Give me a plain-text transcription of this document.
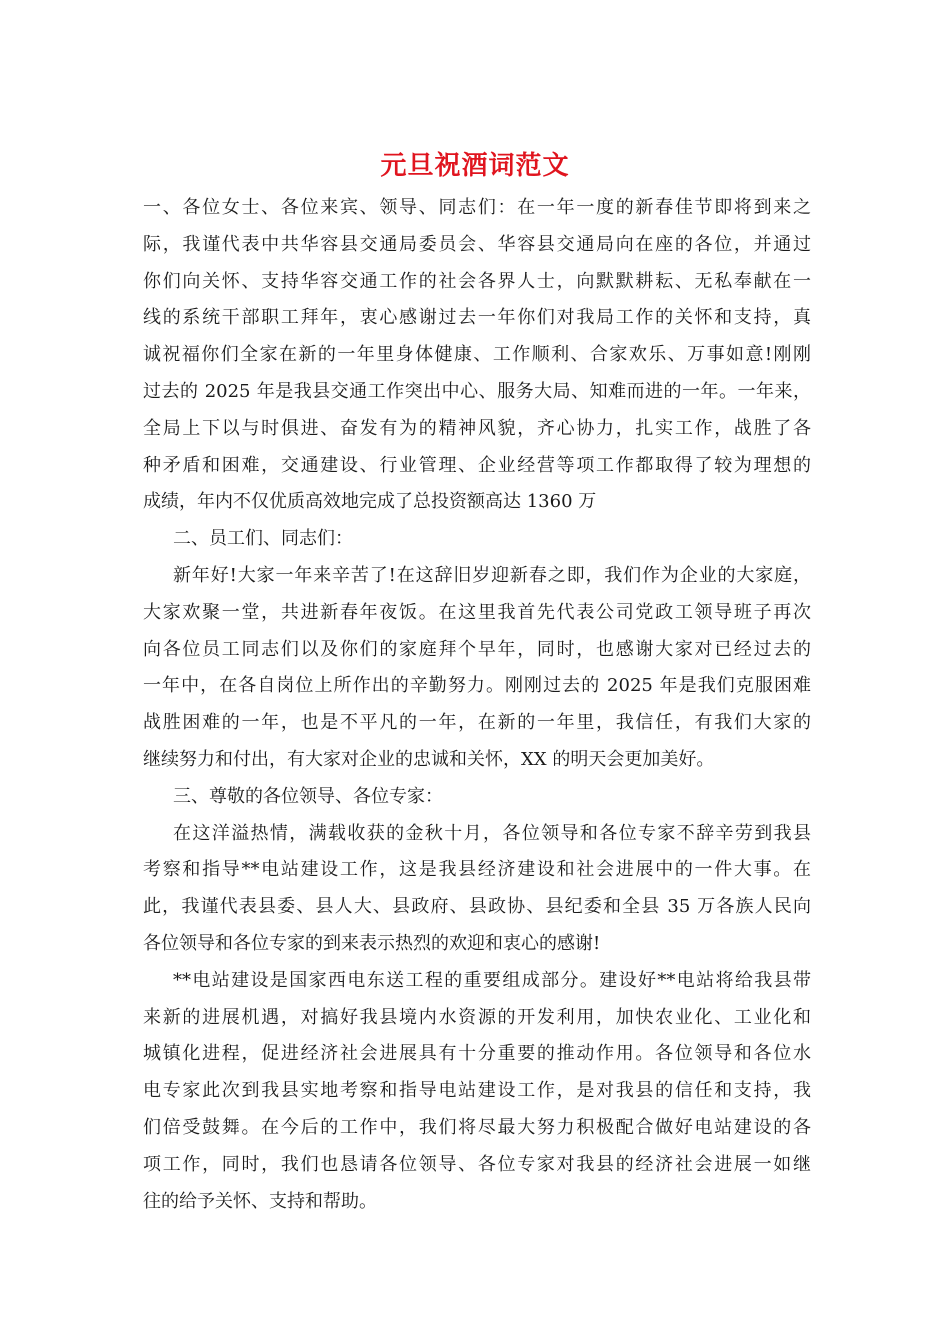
元旦祝酒词范文
一、各位女士、各位来宾、领导、同志们：在一年一度的新春佳节即将到来之
际，我谨代表中共华容县交通局委员会、华容县交通局向在座的各位，并通过
你们向关怀、支持华容交通工作的社会各界人士，向默默耕耘、无私奉献在一
线的系统干部职工拜年，衷心感谢过去一年你们对我局工作的关怀和支持，真
诚祝福你们全家在新的一年里身体健康、工作顺利、合家欢乐、万事如意!刚刚
过去的 2025 年是我县交通工作突出中心、服务大局、知难而进的一年。一年来，
全局上下以与时俱进、奋发有为的精神风貌，齐心协力，扎实工作，战胜了各
种矛盾和困难，交通建设、行业管理、企业经营等项工作都取得了较为理想的
成绩，年内不仅优质高效地完成了总投资额高达 1360 万
二、员工们、同志们：
新年好!大家一年来辛苦了!在这辞旧岁迎新春之即，我们作为企业的大家庭，
大家欢聚一堂，共进新春年夜饭。在这里我首先代表公司党政工领导班子再次
向各位员工同志们以及你们的家庭拜个早年，同时，也感谢大家对已经过去的
一年中，在各自岗位上所作出的辛勤努力。刚刚过去的 2025 年是我们克服困难
战胜困难的一年，也是不平凡的一年，在新的一年里，我信任，有我们大家的
继续努力和付出，有大家对企业的忠诚和关怀，XX 的明天会更加美好。
三、尊敬的各位领导、各位专家：
在这洋溢热情，满载收获的金秋十月，各位领导和各位专家不辞辛劳到我县
考察和指导**电站建设工作，这是我县经济建设和社会进展中的一件大事。在
此，我谨代表县委、县人大、县政府、县政协、县纪委和全县 35 万各族人民向
各位领导和各位专家的到来表示热烈的欢迎和衷心的感谢!
**电站建设是国家西电东送工程的重要组成部分。建设好**电站将给我县带
来新的进展机遇，对搞好我县境内水资源的开发利用，加快农业化、工业化和
城镇化进程，促进经济社会进展具有十分重要的推动作用。各位领导和各位水
电专家此次到我县实地考察和指导电站建设工作，是对我县的信任和支持，我
们倍受鼓舞。在今后的工作中，我们将尽最大努力积极配合做好电站建设的各
项工作，同时，我们也恳请各位领导、各位专家对我县的经济社会进展一如继
往的给予关怀、支持和帮助。
